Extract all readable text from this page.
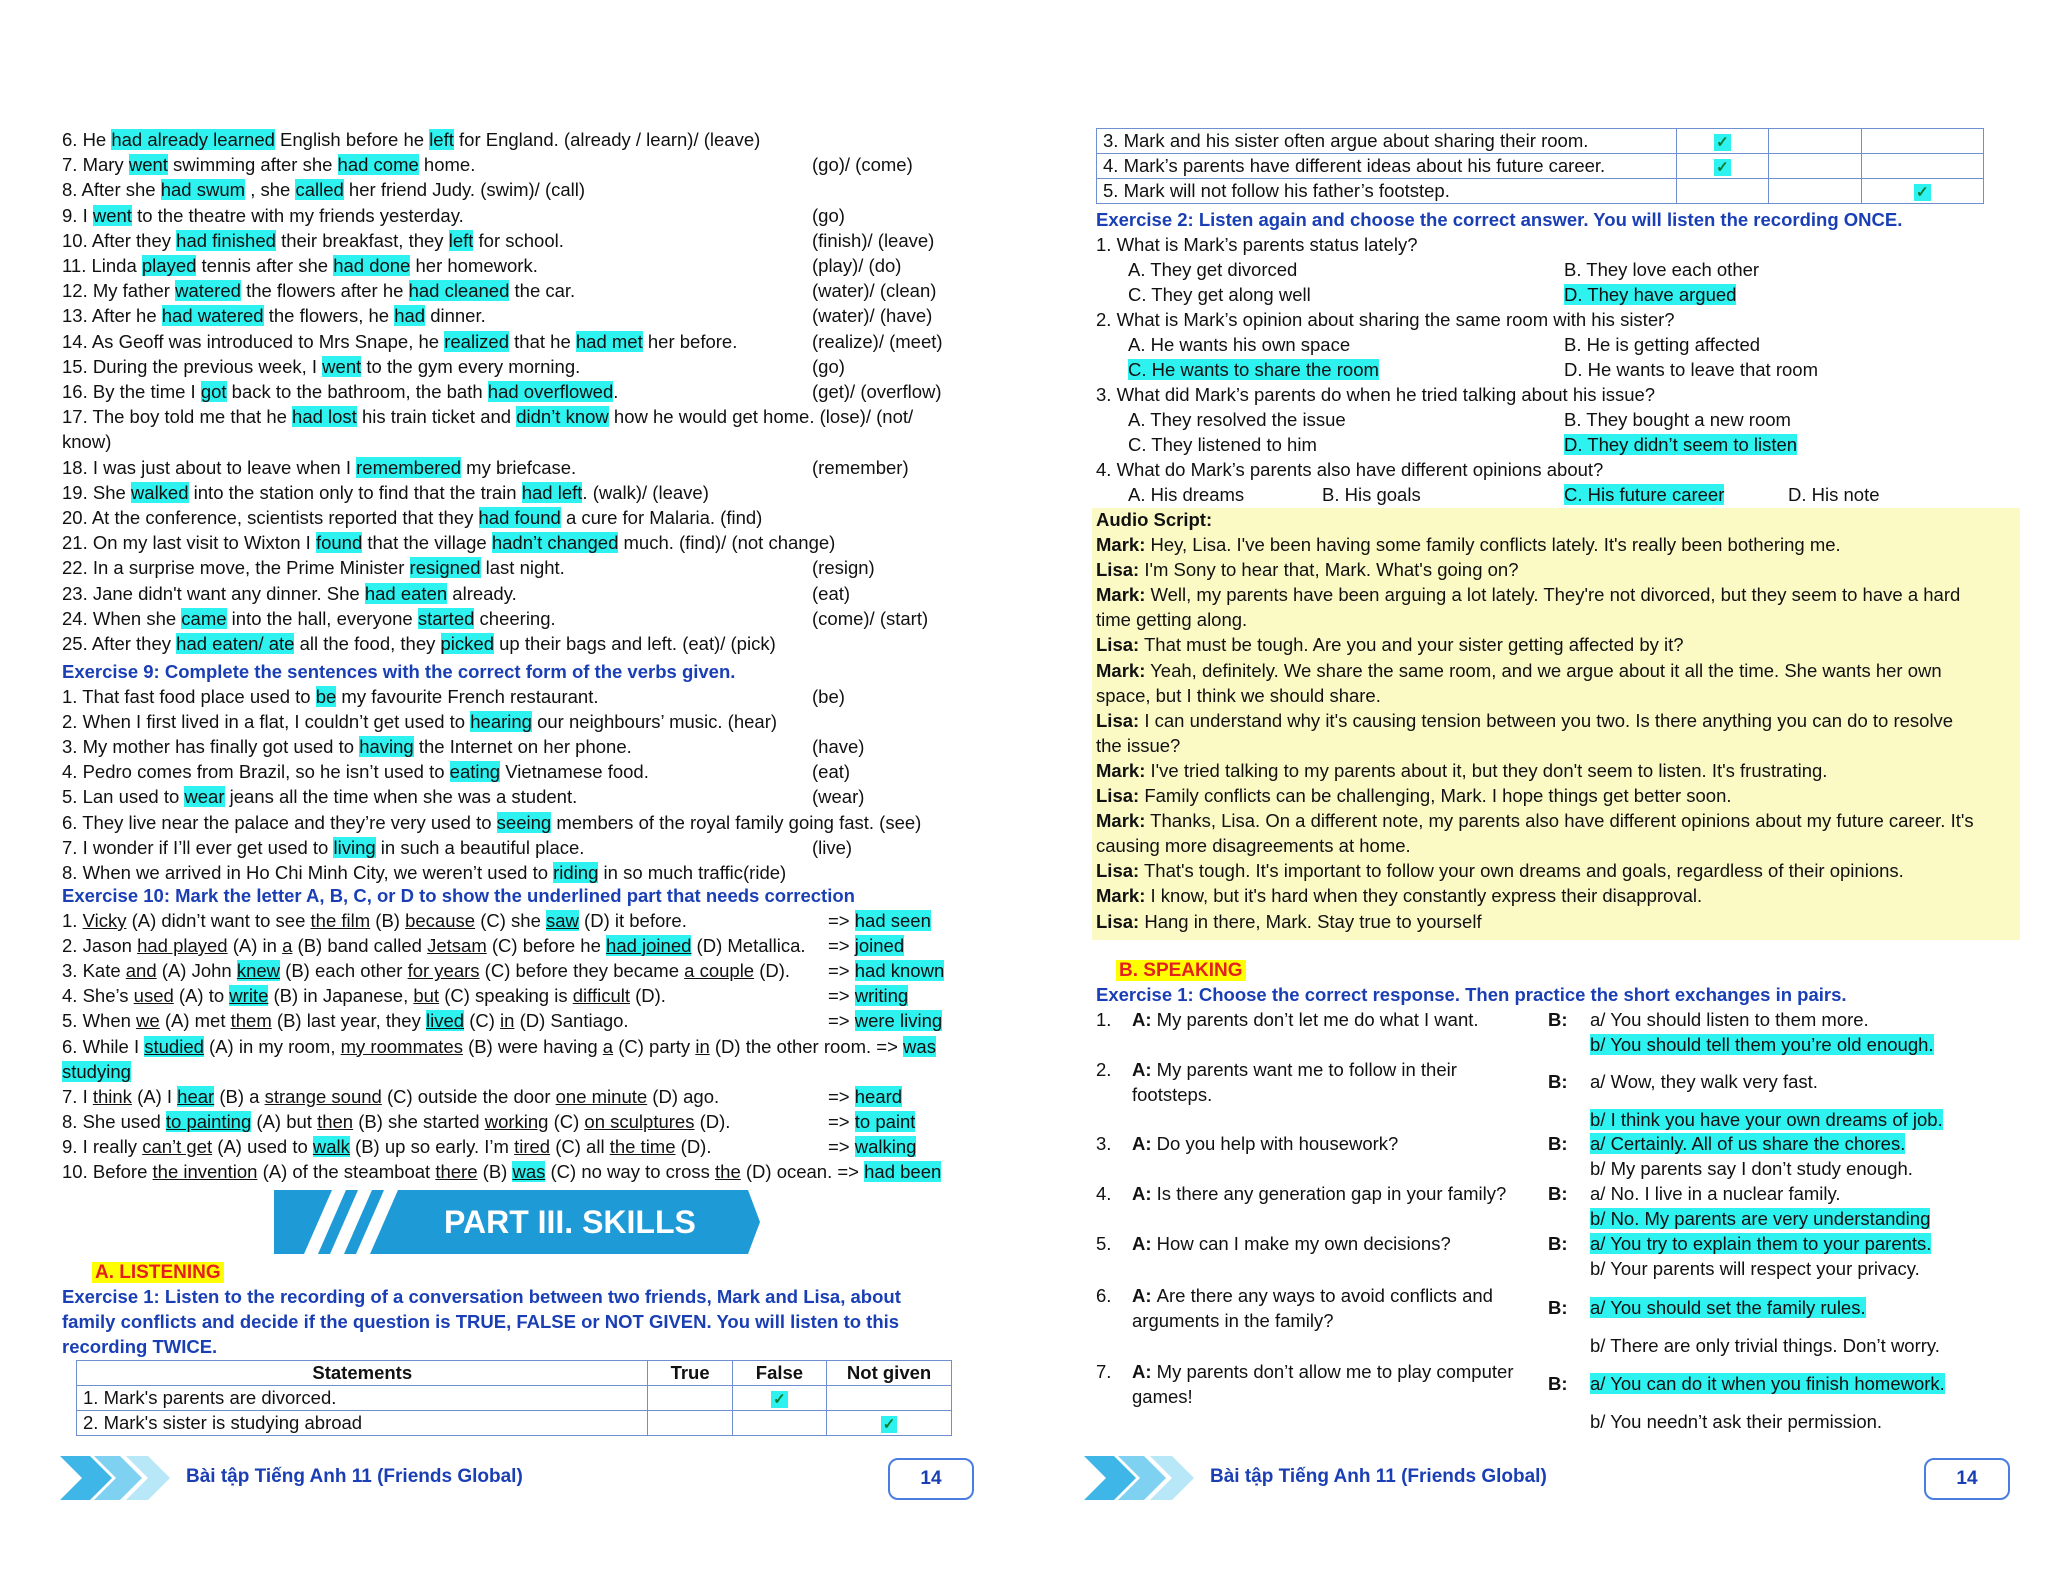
6. He had already learned English before he left for England. (already / learn)/ (leave)
7. Mary went swimming after she had come home.	(go)/ (come)
8. After she had swum , she called her friend Judy. (swim)/ (call)
9. I went to the theatre with my friends yesterday.	(go)
10. After they had finished their breakfast, they left for school.	(finish)/ (leave)
11. Linda played tennis after she had done her homework.	(play)/ (do)
12. My father watered the flowers after he had cleaned the car.	(water)/ (clean)
13. After he had watered the flowers, he had dinner.	(water)/ (have)
14. As Geoff was introduced to Mrs Snape, he realized that he had met her before.	(realize)/ (meet)
15. During the previous week, I went to the gym every morning.	(go)
16. By the time I got back to the bathroom, the bath had overflowed.	(get)/ (overflow)
17. The boy told me that he had lost his train ticket and didn’t know how he would get home. (lose)/ (not/
know)
18. I was just about to leave when I remembered my briefcase.	(remember)
19. She walked into the station only to find that the train had left. (walk)/ (leave)
20. At the conference, scientists reported that they had found a cure for Malaria. (find)
21. On my last visit to Wixton I found that the village hadn’t changed much. (find)/ (not change)
22. In a surprise move, the Prime Minister resigned last night.	(resign)
23. Jane didn't want any dinner. She had eaten already.	(eat)
24. When she came into the hall, everyone started cheering.	(come)/ (start)
25. After they had eaten/ ate all the food, they picked up their bags and left. (eat)/ (pick)
Exercise 9: Complete the sentences with the correct form of the verbs given.
1. That fast food place used to be my favourite French restaurant.	(be)
2. When I first lived in a flat, I couldn’t get used to hearing our neighbours’ music. (hear)
3. My mother has finally got used to having the Internet on her phone.	(have)
4. Pedro comes from Brazil, so he isn’t used to eating Vietnamese food.	(eat)
5. Lan used to wear jeans all the time when she was a student.	(wear)
6. They live near the palace and they’re very used to seeing members of the royal family going fast. (see)
7. I wonder if I’ll ever get used to living in such a beautiful place.	(live)
8. When we arrived in Ho Chi Minh City, we weren’t used to riding in so much traffic(ride)
Exercise 10: Mark the letter A, B, C, or D to show the underlined part that needs correction
1. Vicky (A) didn’t want to see the film (B) because (C) she saw (D) it before.	=> had seen
2. Jason had played (A) in a (B) band called Jetsam (C) before he had joined (D) Metallica. => joined
3. Kate and (A) John knew (B) each other for years (C) before they became a couple (D). => had known
4. She’s used (A) to write (B) in Japanese, but (C) speaking is difficult (D).	=> writing
5. When we (A) met them (B) last year, they lived (C) in (D) Santiago.	=> were living
6. While I studied (A) in my room, my roommates (B) were having a (C) party in (D) the other room. => was
studying
7. I think (A) I hear (B) a strange sound (C) outside the door one minute (D) ago.	=> heard
8. She used to painting (A) but then (B) she started working (C) on sculptures (D).	=> to paint
9. I really can’t get (A) used to walk (B) up so early. I’m tired (C) all the time (D).	=> walking
10. Before the invention (A) of the steamboat there (B) was (C) no way to cross the (D) ocean. => had been
PART III. SKILLS
A. LISTENING
Exercise 1: Listen to the recording of a conversation between two friends, Mark and Lisa, about
family conflicts and decide if the question is TRUE, FALSE or NOT GIVEN. You will listen to this
recording TWICE.
Statements	True	False	Not given
1. Mark's parents are divorced.		✓	
2. Mark's sister is studying abroad			✓
Bài tập Tiếng Anh 11 (Friends Global)	14
3. Mark and his sister often argue about sharing their room.	✓		
4. Mark’s parents have different ideas about his future career.	✓		
5. Mark will not follow his father’s footstep.			✓
Exercise 2: Listen again and choose the correct answer. You will listen the recording ONCE.
1. What is Mark’s parents status lately?
A. They get divorced	B. They love each other
C. They get along well	D. They have argued
2. What is Mark’s opinion about sharing the same room with his sister?
A. He wants his own space	B. He is getting affected
C. He wants to share the room	D. He wants to leave that room
3. What did Mark’s parents do when he tried talking about his issue?
A. They resolved the issue	B. They bought a new room
C. They listened to him	D. They didn’t seem to listen
4. What do Mark’s parents also have different opinions about?
A. His dreams	B. His goals	C. His future career	D. His note
Audio Script:
Mark: Hey, Lisa. I've been having some family conflicts lately. It's really been bothering me.
Lisa: I'm Sony to hear that, Mark. What's going on?
Mark: Well, my parents have been arguing a lot lately. They're not divorced, but they seem to have a hard
time getting along.
Lisa: That must be tough. Are you and your sister getting affected by it?
Mark: Yeah, definitely. We share the same room, and we argue about it all the time. She wants her own
space, but I think we should share.
Lisa: I can understand why it's causing tension between you two. Is there anything you can do to resolve
the issue?
Mark: I've tried talking to my parents about it, but they don't seem to listen. It's frustrating.
Lisa: Family conflicts can be challenging, Mark. I hope things get better soon.
Mark: Thanks, Lisa. On a different note, my parents also have different opinions about my future career. It's
causing more disagreements at home.
Lisa: That's tough. It's important to follow your own dreams and goals, regardless of their opinions.
Mark: I know, but it's hard when they constantly express their disapproval.
Lisa: Hang in there, Mark. Stay true to yourself
B. SPEAKING
Exercise 1: Choose the correct response. Then practice the short exchanges in pairs.
1. A: My parents don’t let me do what I want.	B: a/ You should listen to them more.
b/ You should tell them you’re old enough.
2. A: My parents want me to follow in their
footsteps.
B: a/ Wow, they walk very fast.
b/ I think you have your own dreams of job.
3. A: Do you help with housework?	B: a/ Certainly. All of us share the chores.
b/ My parents say I don’t study enough.
4. A: Is there any generation gap in your family? B: a/ No. I live in a nuclear family.
b/ No. My parents are very understanding
5. A: How can I make my own decisions?	B: a/ You try to explain them to your parents.
b/ Your parents will respect your privacy.
6. A: Are there any ways to avoid conflicts and
arguments in the family?
B: a/ You should set the family rules.
b/ There are only trivial things. Don’t worry.
7. A: My parents don’t allow me to play computer
games!
B: a/ You can do it when you finish homework.
b/ You needn’t ask their permission.
Bài tập Tiếng Anh 11 (Friends Global)	14
